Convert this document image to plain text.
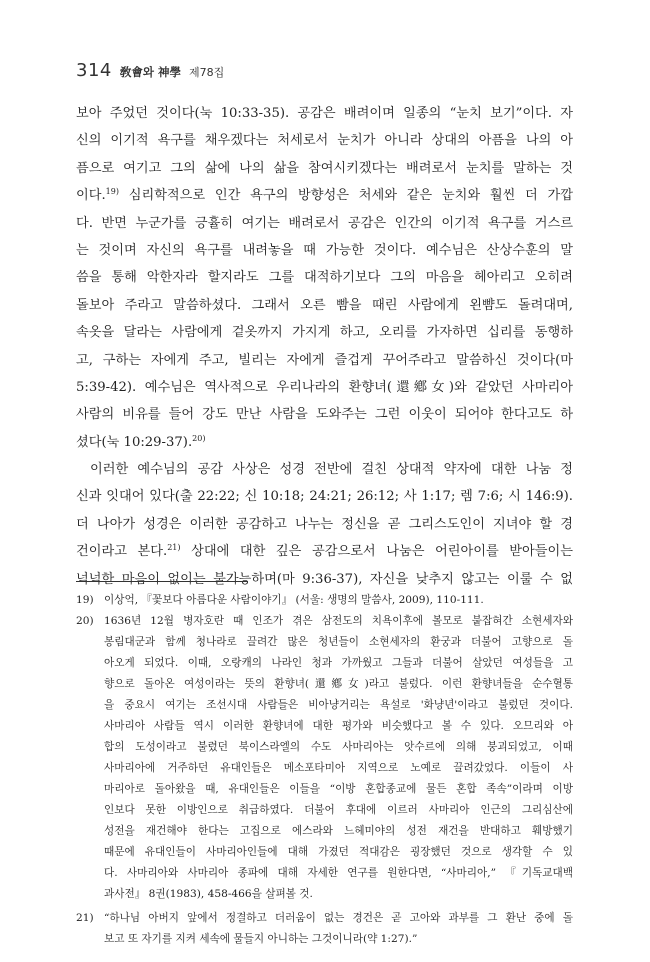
314 敎會와 神學 제78집
보아 주었던 것이다(눅 10:33-35). 공감은 배려이며 일종의 “눈치 보기”이다. 자
신의 이기적 욕구를 채우겠다는 처세로서 눈치가 아니라 상대의 아픔을 나의 아
픔으로 여기고 그의 삶에 나의 삶을 참여시키겠다는 배려로서 눈치를 말하는 것
이다.$^{19)}$ 심리학적으로 인간 욕구의 방향성은 처세와 같은 눈치와 훨씬 더 가깝
다. 반면 누군가를 긍휼히 여기는 배려로서 공감은 인간의 이기적 욕구를 거스르
는 것이며 자신의 욕구를 내려놓을 때 가능한 것이다. 예수님은 산상수훈의 말
씀을 통해 악한자라 할지라도 그를 대적하기보다 그의 마음을 헤아리고 오히려
돌보아 주라고 말씀하셨다. 그래서 오른 빰을 때린 사람에게 왼뺨도 돌려대며,
속옷을 달라는 사람에게 겉옷까지 가지게 하고, 오리를 가자하면 십리를 동행하
고, 구하는 자에게 주고, 빌리는 자에게 즐겁게 꾸어주라고 말씀하신 것이다(마
5:39-42). 예수님은 역사적으로 우리나라의 환향녀(還鄕女)와 같았던 사마리아
사람의 비유를 들어 강도 만난 사람을 도와주는 그런 이웃이 되어야 한다고도 하
셨다(눅 10:29-37).$^{20)}$
이러한 예수님의 공감 사상은 성경 전반에 걸친 상대적 약자에 대한 나눔 정
신과 잇대어 있다(출 22:22; 신 10:18; 24:21; 26:12; 사 1:17; 렘 7:6; 시 146:9).
더 나아가 성경은 이러한 공감하고 나누는 정신을 곧 그리스도인이 지녀야 할 경
건이라고 본다.$^{21)}$ 상대에 대한 깊은 공감으로서 나눔은 어린아이를 받아들이는
넉넉한 마음이 없이는 불가능하며(마 9:36-37), 자신을 낮추지 않고는 이룰 수 없
19) 이상억, 『꽃보다 아름다운 사람이야기』 (서울: 생명의 말씀사, 2009), 110-111.
20) 1636년 12월 병자호란 때 인조가 겪은 삼전도의 치욕이후에 볼모로 붙잡혀간 소현세자와
봉림대군과 함께 청나라로 끌려간 많은 청년들이 소현세자의 환궁과 더불어 고향으로 돌
아오게 되었다. 이때, 오랑캐의 나라인 청과 가까웠고 그들과 더불어 살았던 여성들을 고
향으로 돌아온 여성이라는 뜻의 환향녀(還鄕女)라고 불렀다. 이런 환향녀들을 순수혈통
을 중요시 여기는 조선시대 사람들은 비아냥거리는 욕설로 '화냥년'이라고 불렀던 것이다.
사마리아 사람들 역시 이러한 환향녀에 대한 평가와 비슷했다고 볼 수 있다. 오므리와 아
합의 도성이라고 불렸던 북이스라엘의 수도 사마리아는 앗수르에 의해 붕괴되었고, 이때
사마리아에 거주하던 유대인들은 메소포타미아 지역으로 노예로 끌려갔었다. 이들이 사
마리아로 돌아왔을 때, 유대인들은 이들을 “이방 혼합종교에 물든 혼합 족속”이라며 이방
인보다 못한 이방인으로 취급하였다. 더불어 후대에 이르러 사마리아 인근의 그리심산에
성전을 재건해야 한다는 고집으로 에스라와 느헤미야의 성전 재건을 반대하고 훼방했기
때문에 유대인들이 사마리아인들에 대해 가졌던 적대감은 굉장했던 것으로 생각할 수 있
다. 사마리아와 사마리아 종파에 대해 자세한 연구를 원한다면, “사마리아,” 『기독교대백
과사전』 8권(1983), 458-466을 살펴볼 것.
21) “하나님 아버지 앞에서 정결하고 더러움이 없는 경건은 곧 고아와 과부를 그 환난 중에 돌
보고 또 자기를 지켜 세속에 물들지 아니하는 그것이니라(약 1:27).”
